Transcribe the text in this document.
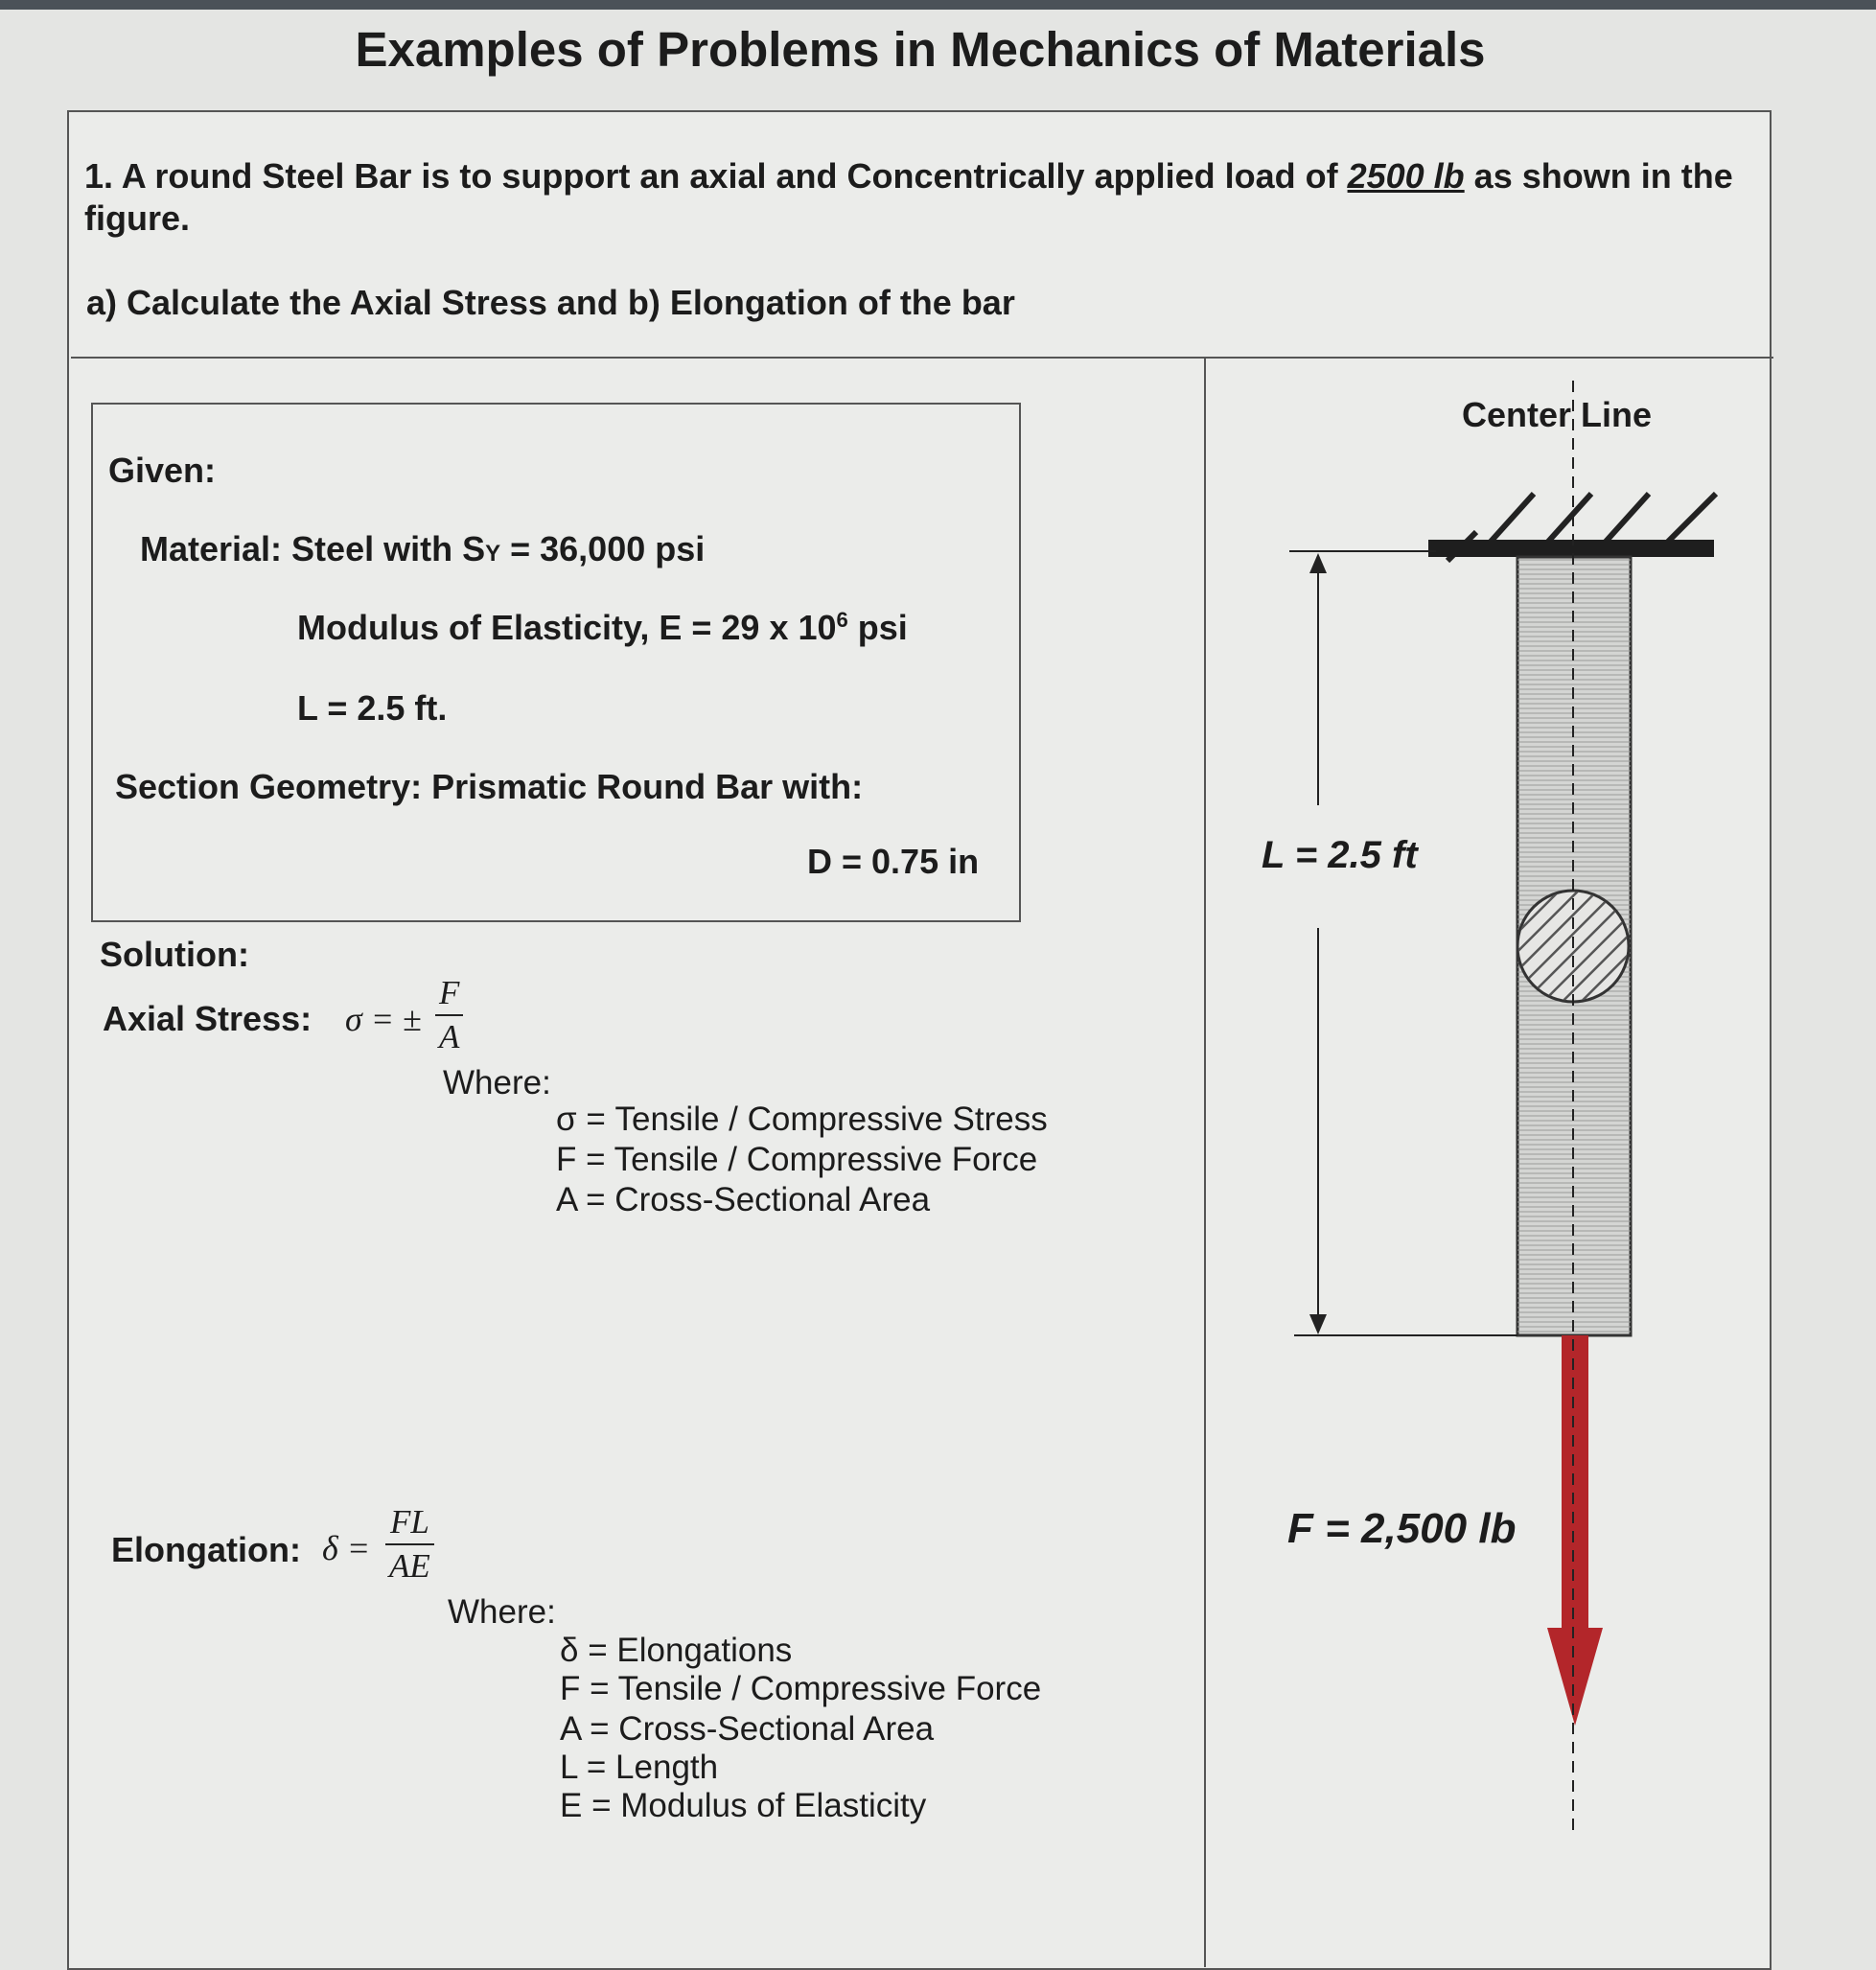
Examples of Problems in Mechanics of Materials
1. A round Steel Bar is to support an axial and Concentrically applied load of 2500 lb as shown in the figure.
a) Calculate the Axial Stress and b) Elongation of the bar
Given:
Material: Steel with SY = 36,000 psi
Modulus of Elasticity, E = 29 x $10^6$ psi
L = 2.5 ft.
Section Geometry: Prismatic Round Bar with:
D = 0.75 in
Solution:
Axial Stress: σ = ± $\frac{F}{A}$
Where:
σ = Tensile / Compressive Stress
F = Tensile / Compressive Force
A = Cross-Sectional Area
Elongation: $\delta = \frac{FL}{AE}$
Where:
δ = Elongations
F = Tensile / Compressive Force
A = Cross-Sectional Area
L = Length
E = Modulus of Elasticity
Center Line
L = 2.5 ft
F = 2,500 lb
